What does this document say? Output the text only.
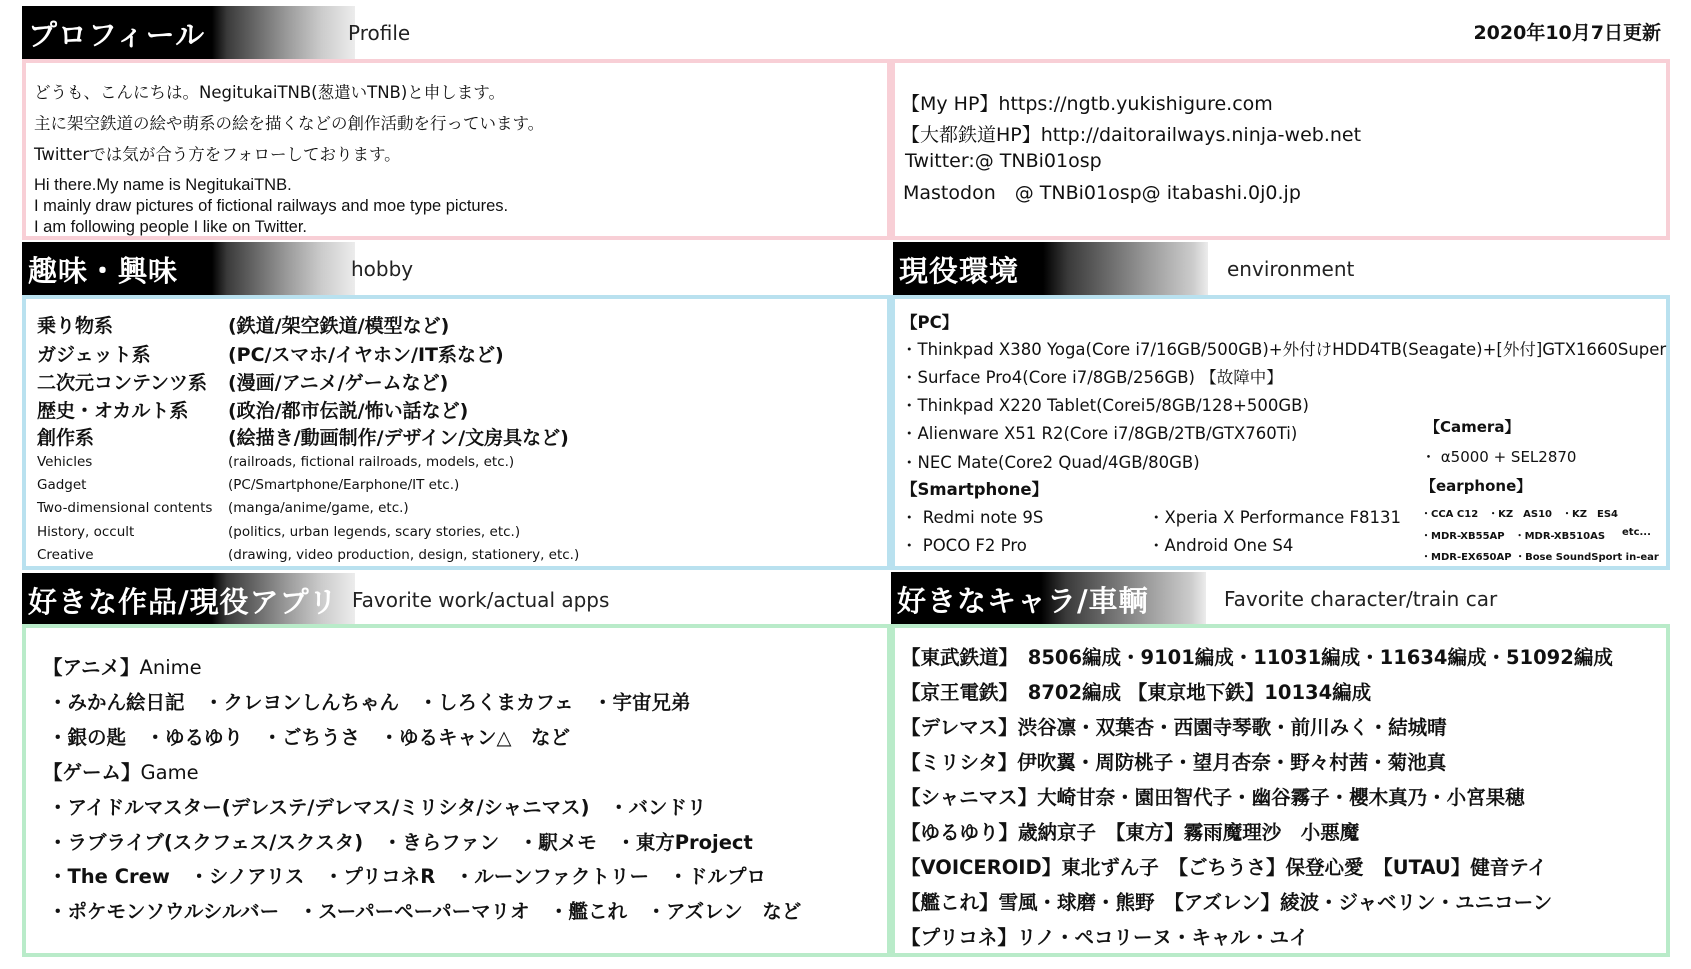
2020年10月7日更新
プロフィール	Profile
どうも、こんにちは。NegitukaiTNB(葱遣いTNB)と申します。
主に架空鉄道の絵や萌系の絵を描くなどの創作活動を行っています。
Twitterでは気が合う方をフォローしております。
Hi there.My name is NegitukaiTNB.
I mainly draw pictures of fictional railways and moe type pictures.
I am following people I like on Twitter.
【My HP】https://ngtb.yukishigure.com
【大都鉄道HP】http://daitorailways.ninja-web.net
Twitter:@ TNBi01osp
Mastodon　@ TNBi01osp@ itabashi.0j0.jp
趣味・興味	hobby	現役環境	environment
乗り物系	(鉄道/架空鉄道/模型など)
ガジェット系	(PC/スマホ/イヤホン/IT系など)
二次元コンテンツ系 (漫画/アニメ/ゲームなど)
歴史・オカルト系 (政治/都市伝説/怖い話など)
創作系	(絵描き/動画制作/デザイン/文房具など)
Vehicles	(railroads, fictional railroads, models, etc.)
Gadget	(PC/Smartphone/Earphone/IT etc.)
Two-dimensional contents (manga/anime/game, etc.)
History, occult	(politics, urban legends, scary stories, etc.)
Creative	(drawing, video production, design, stationery, etc.)
【PC】
・Thinkpad X380 Yoga(Core i7/16GB/500GB)+外付けHDD4TB(Seagate)+[外付]GTX1660Super
・Surface Pro4(Core i7/8GB/256GB) 【故障中】
・Thinkpad X220 Tablet(Corei5/8GB/128+500GB)
・Alienware X51 R2(Core i7/8GB/2TB/GTX760Ti)
・NEC Mate(Core2 Quad/4GB/80GB)
【Smartphone】
・ Redmi note 9S
・ POCO F2 Pro
・Xperia X Performance F8131
・Android One S4
【Camera】
・ α5000 + SEL2870
【earphone】
・CCA C12　・KZ　AS10　・KZ　ES4
・MDR-XB55AP　・MDR-XB510AS etc...
・MDR-EX650AP ・Bose SoundSport in-ear
好きな作品/現役アプリ Favorite work/actual apps	好きなキャラ/車輌	Favorite character/train car
【アニメ】Anime
・みかん絵日記　・クレヨンしんちゃん　・しろくまカフェ　・宇宙兄弟
・銀の匙　・ゆるゆり　・ごちうさ　・ゆるキャン△　など
【ゲーム】Game
・アイドルマスター(デレステ/デレマス/ミリシタ/シャニマス)　・バンドリ
・ラブライブ(スクフェス/スクスタ)　・きらファン　・駅メモ　・東方Project
・The Crew　・シノアリス　・プリコネR　・ルーンファクトリー　・ドルプロ
・ポケモンソウルシルバー　・スーパーペーパーマリオ　・艦これ　・アズレン　など
【東武鉄道】　8506編成・9101編成・11031編成・11634編成・51092編成
【京王電鉄】　8702編成 【東京地下鉄】10134編成
【デレマス】渋谷凛・双葉杏・西園寺琴歌・前川みく・結城晴
【ミリシタ】伊吹翼・周防桃子・望月杏奈・野々村茜・菊池真
【シャニマス】大崎甘奈・園田智代子・幽谷霧子・櫻木真乃・小宮果穂
【ゆるゆり】歳納京子　【東方】霧雨魔理沙　小悪魔
【VOICEROID】東北ずん子　【ごちうさ】保登心愛　【UTAU】健音テイ
【艦これ】雪風・球磨・熊野　【アズレン】綾波・ジャベリン・ユニコーン
【プリコネ】リノ・ペコリーヌ・キャル・ユイ
